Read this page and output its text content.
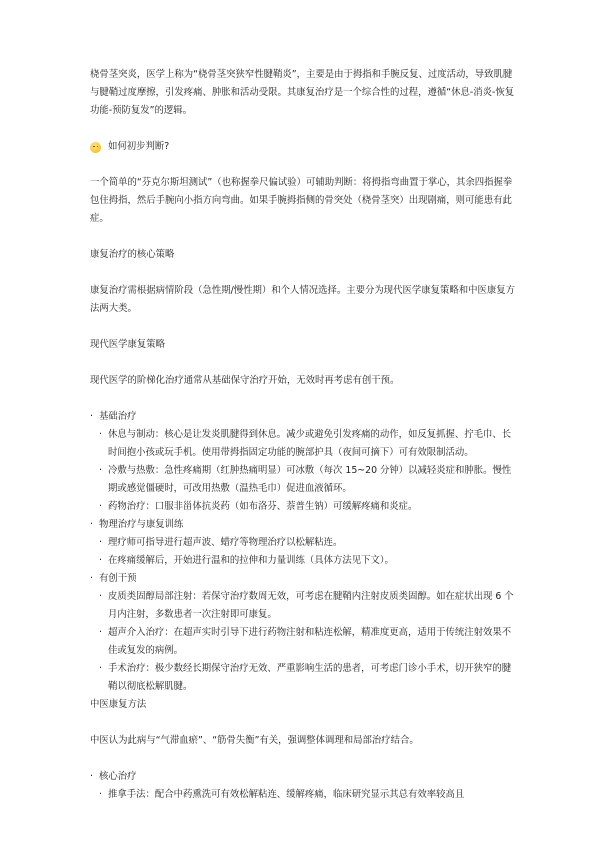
桡骨茎突炎，医学上称为“桡骨茎突狭窄性腱鞘炎”，主要是由于拇指和手腕反复、过度活动，导致肌腱与腱鞘过度摩擦，引发疼痛、肿胀和活动受限。其康复治疗是一个综合性的过程，遵循“休息-消炎-恢复功能-预防复发”的逻辑。

如何初步判断?

一个简单的“芬克尔斯坦测试”（也称握拳尺偏试验）可辅助判断：将拇指弯曲置于掌心，其余四指握拳包住拇指，然后手腕向小指方向弯曲。如果手腕拇指侧的骨突处（桡骨茎突）出现剧痛，则可能患有此症。

康复治疗的核心策略

康复治疗需根据病情阶段（急性期/慢性期）和个人情况选择。主要分为现代医学康复策略和中医康复方法两大类。

现代医学康复策略

现代医学的阶梯化治疗通常从基础保守治疗开始，无效时再考虑有创干预。

· 基础治疗
· 休息与制动：核心是让发炎肌腱得到休息。减少或避免引发疼痛的动作，如反复抓握、拧毛巾、长时间抱小孩或玩手机。使用带拇指固定功能的腕部护具（夜间可摘下）可有效限制活动。
· 冷敷与热敷：急性疼痛期（红肿热痛明显）可冰敷（每次 15~20 分钟）以减轻炎症和肿胀。慢性期或感觉僵硬时，可改用热敷（温热毛巾）促进血液循环。
· 药物治疗：口服非甾体抗炎药（如布洛芬、萘普生钠）可缓解疼痛和炎症。
· 物理治疗与康复训练
· 理疗师可指导进行超声波、蜡疗等物理治疗以松解粘连。
· 在疼痛缓解后，开始进行温和的拉伸和力量训练（具体方法见下文）。
· 有创干预
· 皮质类固醇局部注射：若保守治疗数周无效，可考虑在腱鞘内注射皮质类固醇。如在症状出现 6 个月内注射，多数患者一次注射即可康复。
· 超声介入治疗：在超声实时引导下进行药物注射和粘连松解，精准度更高，适用于传统注射效果不佳或复发的病例。
· 手术治疗：极少数经长期保守治疗无效、严重影响生活的患者，可考虑门诊小手术，切开狭窄的腱鞘以彻底松解肌腱。

中医康复方法

中医认为此病与“气滞血瘀”、“筋骨失衡”有关，强调整体调理和局部治疗结合。

· 核心治疗
· 推拿手法：配合中药熏洗可有效松解粘连、缓解疼痛，临床研究显示其总有效率较高且
